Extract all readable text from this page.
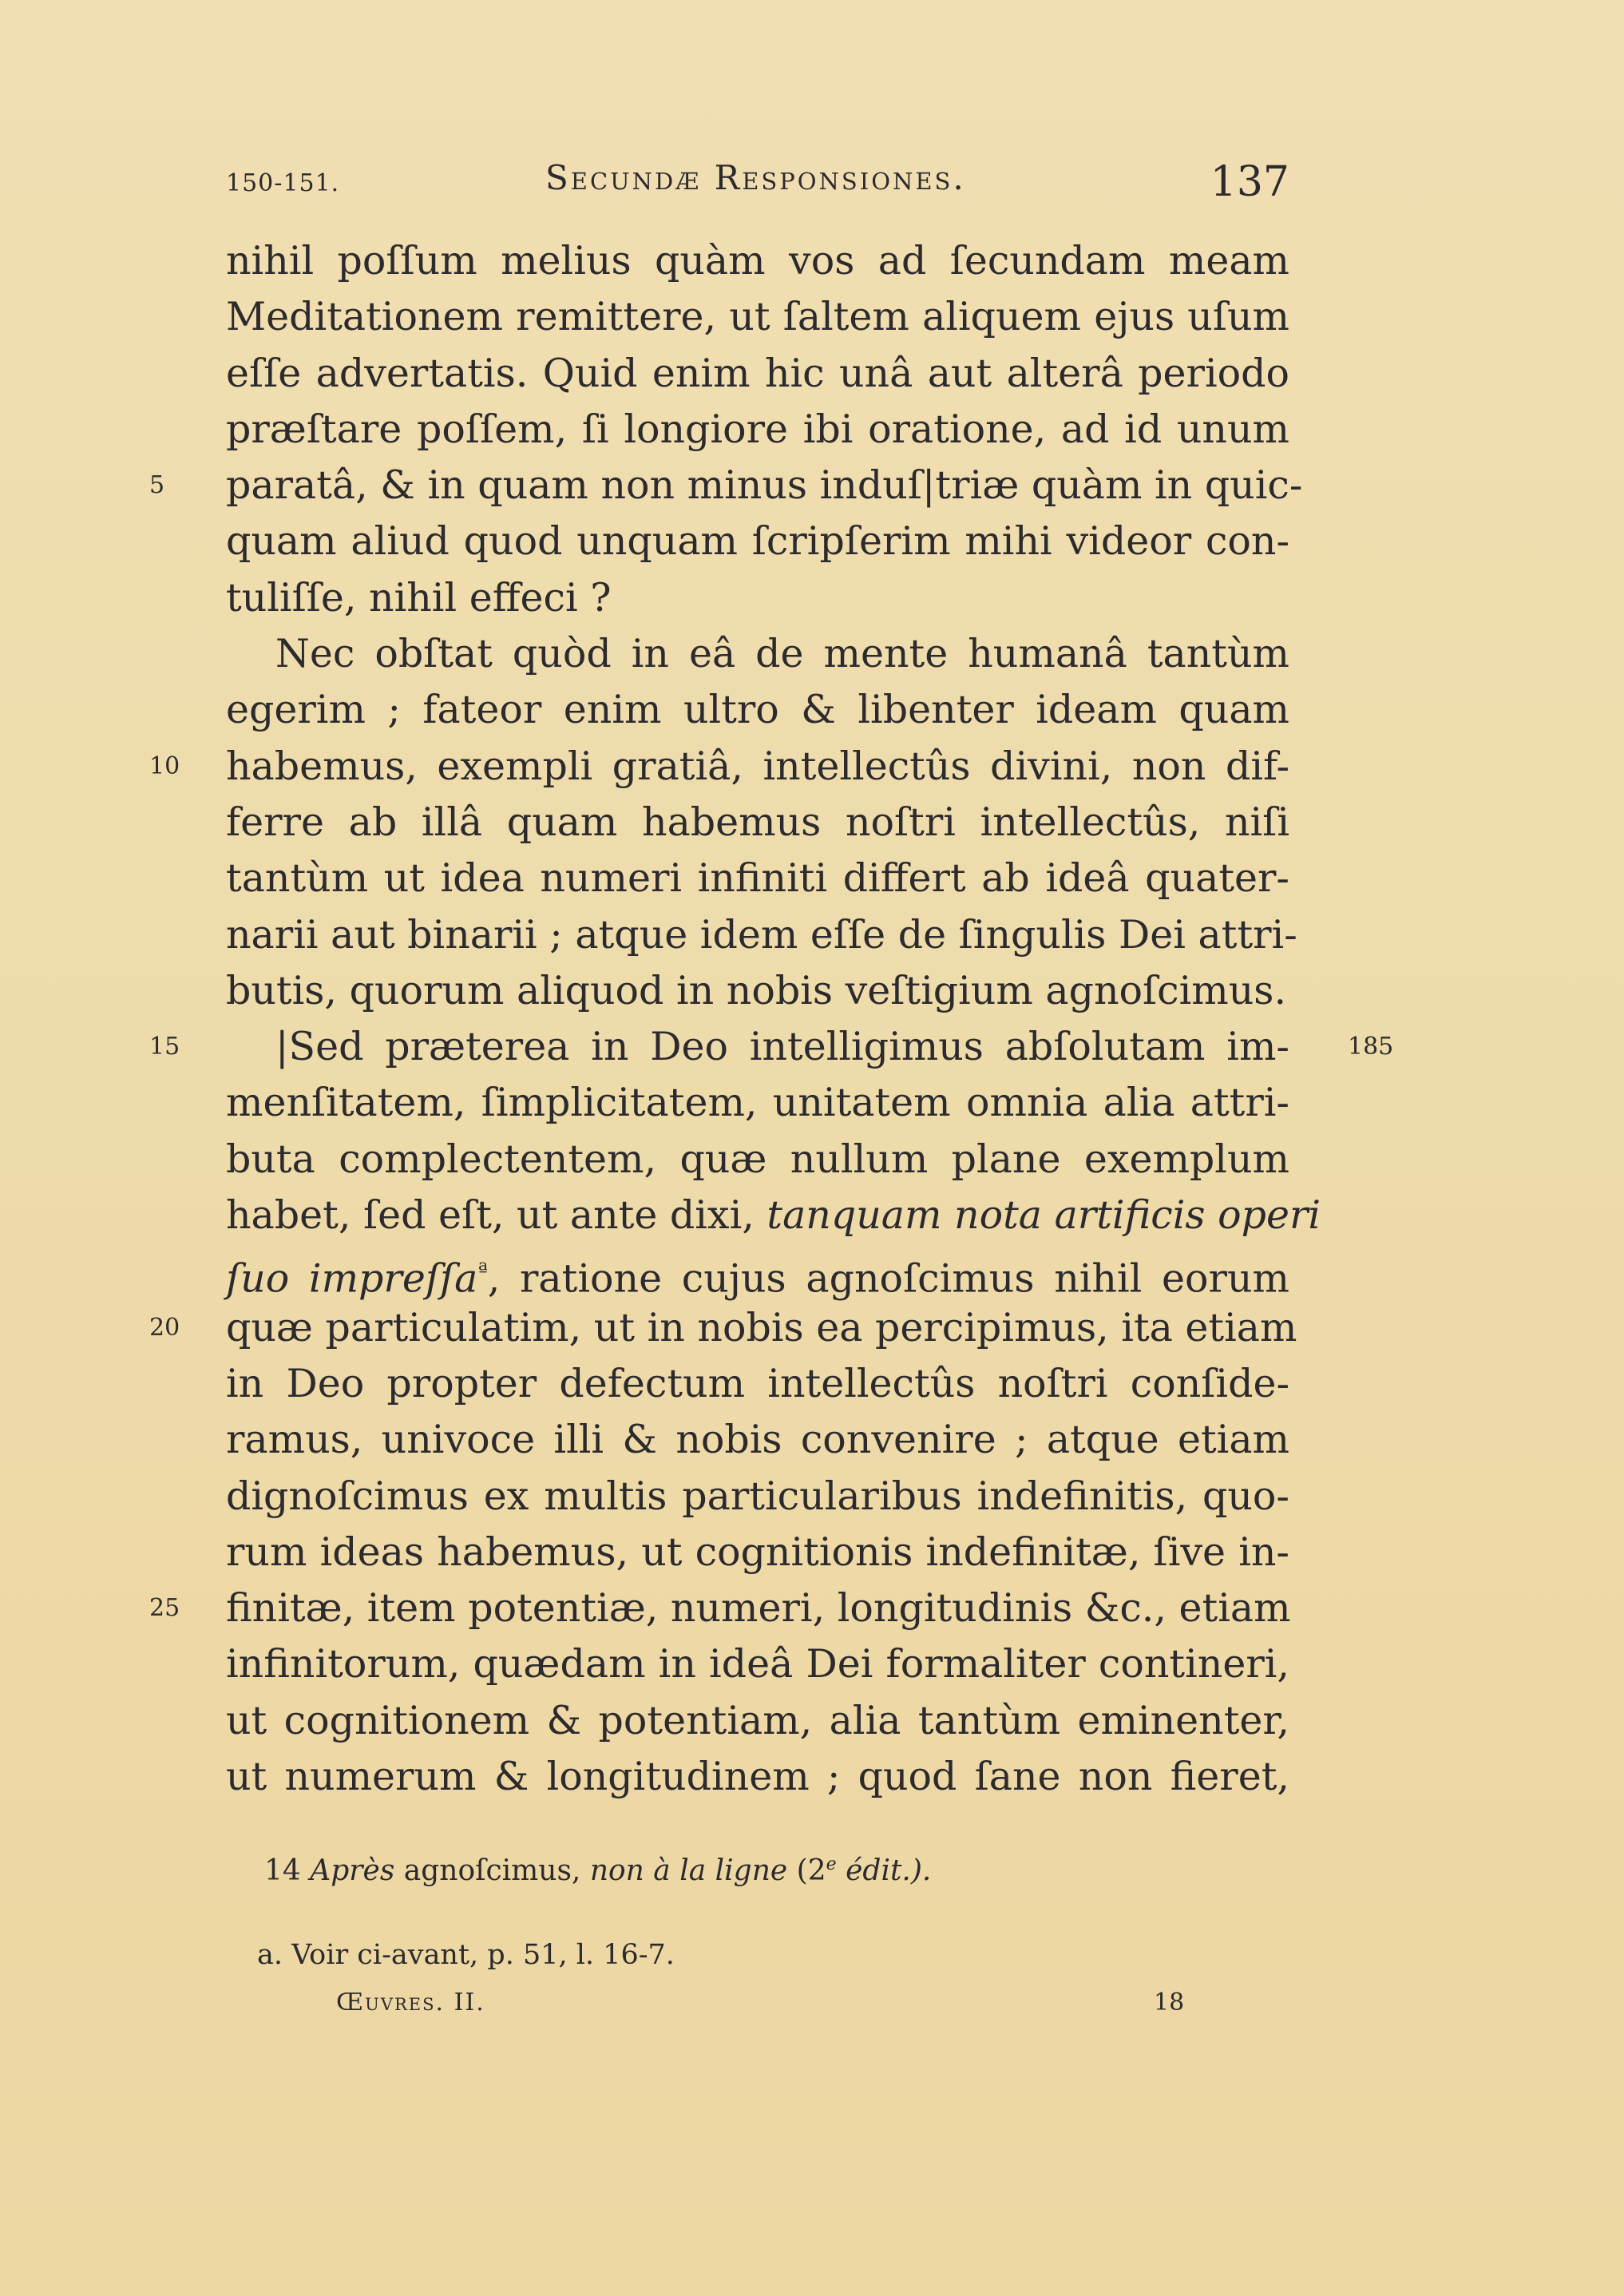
150-151.	Secundæ Responsiones.	137
nihil poſſum melius quàm vos ad ſecundam meam
Meditationem remittere, ut ſaltem aliquem ejus uſum
eſſe advertatis. Quid enim hic unâ aut alterâ periodo
præſtare poſſem, ſi longiore ibi oratione, ad id unum
5	paratâ, & in quam non minus induſ|triæ quàm in quic-
quam aliud quod unquam ſcripſerim mihi videor con-
tuliſſe, nihil effeci ?
Nec obſtat quòd in eâ de mente humanâ tantùm
egerim ; fateor enim ultro & libenter ideam quam
10	habemus, exempli gratiâ, intellectûs divini, non dif-
ferre ab illâ quam habemus noſtri intellectûs, niſi
tantùm ut idea numeri infiniti differt ab ideâ quater-
narii aut binarii ; atque idem eſſe de ſingulis Dei attri-
butis, quorum aliquod in nobis veſtigium agnoſcimus.
15	185
|Sed præterea in Deo intelligimus abſolutam im-
menſitatem, ſimplicitatem, unitatem omnia alia attri-
buta complectentem, quæ nullum plane exemplum
habet, ſed eſt, ut ante dixi, tanquam nota artificis operi
ſuo impreſſa$^ª$, ratione cujus agnoſcimus nihil eorum
20	quæ particulatim, ut in nobis ea percipimus, ita etiam
in Deo propter defectum intellectûs noſtri conſide-
ramus, univoce illi & nobis convenire ; atque etiam
dignoſcimus ex multis particularibus indefinitis, quo-
rum ideas habemus, ut cognitionis indefinitæ, ſive in-
25	finitæ, item potentiæ, numeri, longitudinis &c., etiam
infinitorum, quædam in ideâ Dei formaliter contineri,
ut cognitionem & potentiam, alia tantùm eminenter,
ut numerum & longitudinem ; quod ſane non fieret,
14 Après agnoſcimus, non à la ligne (2e édit.).
a. Voir ci-avant, p. 51, l. 16-7.
Œuvres. II.	18
